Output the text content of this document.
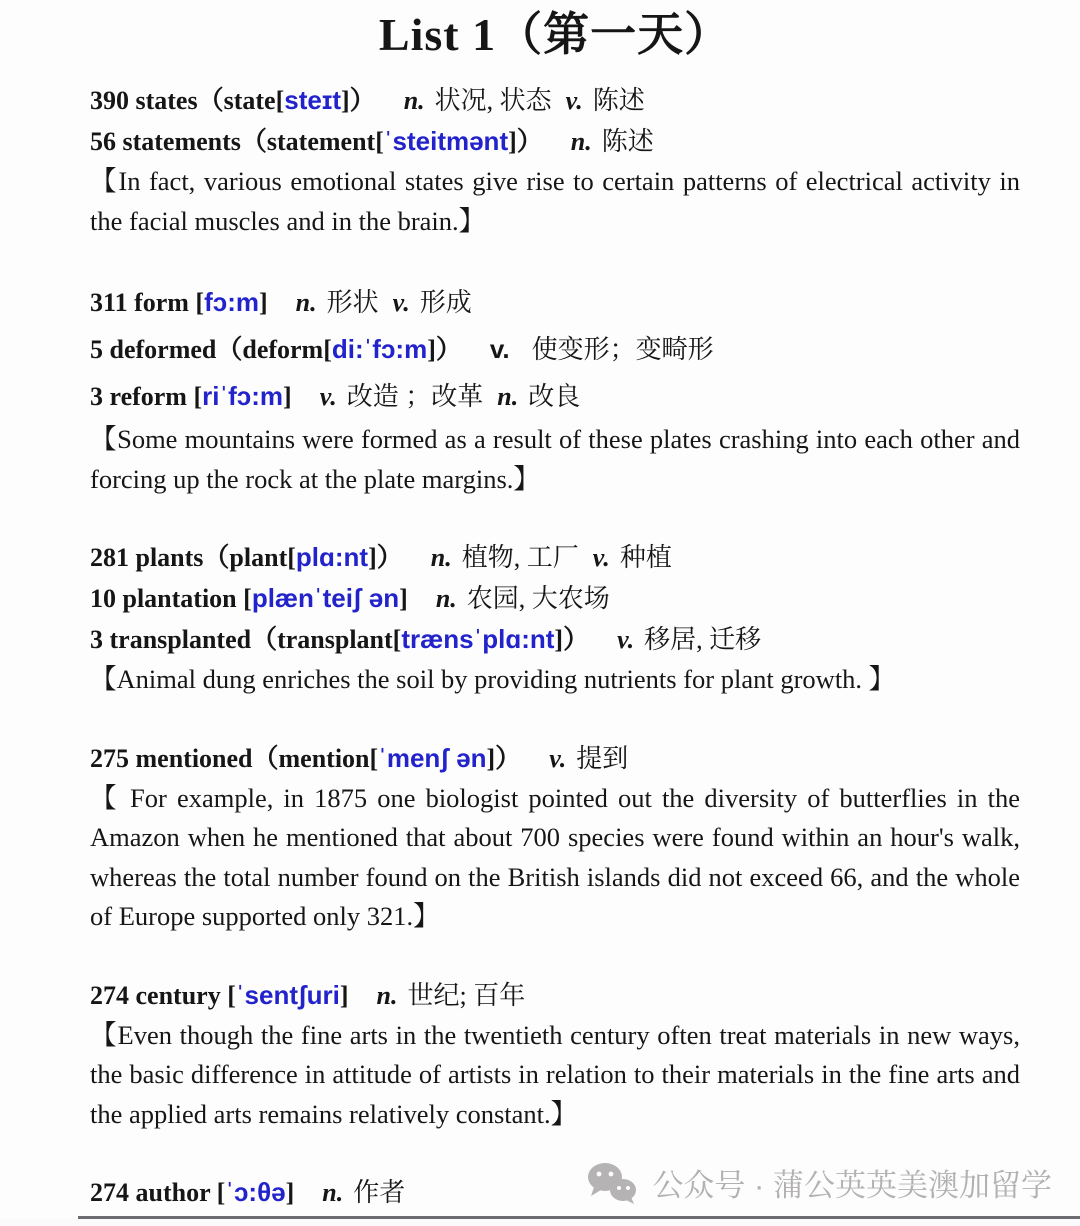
List 1（第一天）
390 states（state[steɪt]） n. 状况, 状态 v. 陈述
56 statements（statement[ˈsteitmənt]） n. 陈述

【In fact, various emotional states give rise to certain patterns of electrical activity in the facial muscles and in the brain.】

311 form [fɔ:m] n. 形状 v. 形成
5 deformed（deform[di:ˈfɔ:m]） v. 使变形；变畸形
3 reform [riˈfɔ:m] v. 改造 ；改革 n. 改良

【Some mountains were formed as a result of these plates crashing into each other and forcing up the rock at the plate margins.】

281 plants（plant[plɑ:nt]） n. 植物, 工厂 v. 种植
10 plantation [plænˈteiʃ ən] n. 农园, 大农场
3 transplanted（transplant[trænsˈplɑ:nt]） v. 移居, 迁移

【Animal dung enriches the soil by providing nutrients for plant growth. 】

275 mentioned（mention[ˈmenʃ ən]） v. 提到

【 For example, in 1875 one biologist pointed out the diversity of butterflies in the Amazon when he mentioned that about 700 species were found within an hour's walk, whereas the total number found on the British islands did not exceed 66, and the whole of Europe supported only 321.】

274 century [ˈsentʃuri] n. 世纪; 百年

【Even though the fine arts in the twentieth century often treat materials in new ways, the basic difference in attitude of artists in relation to their materials in the fine arts and the applied arts remains relatively constant.】

274 author [ˈɔ:θə] n. 作者	公众号 · 蒲公英英美澳加留学
